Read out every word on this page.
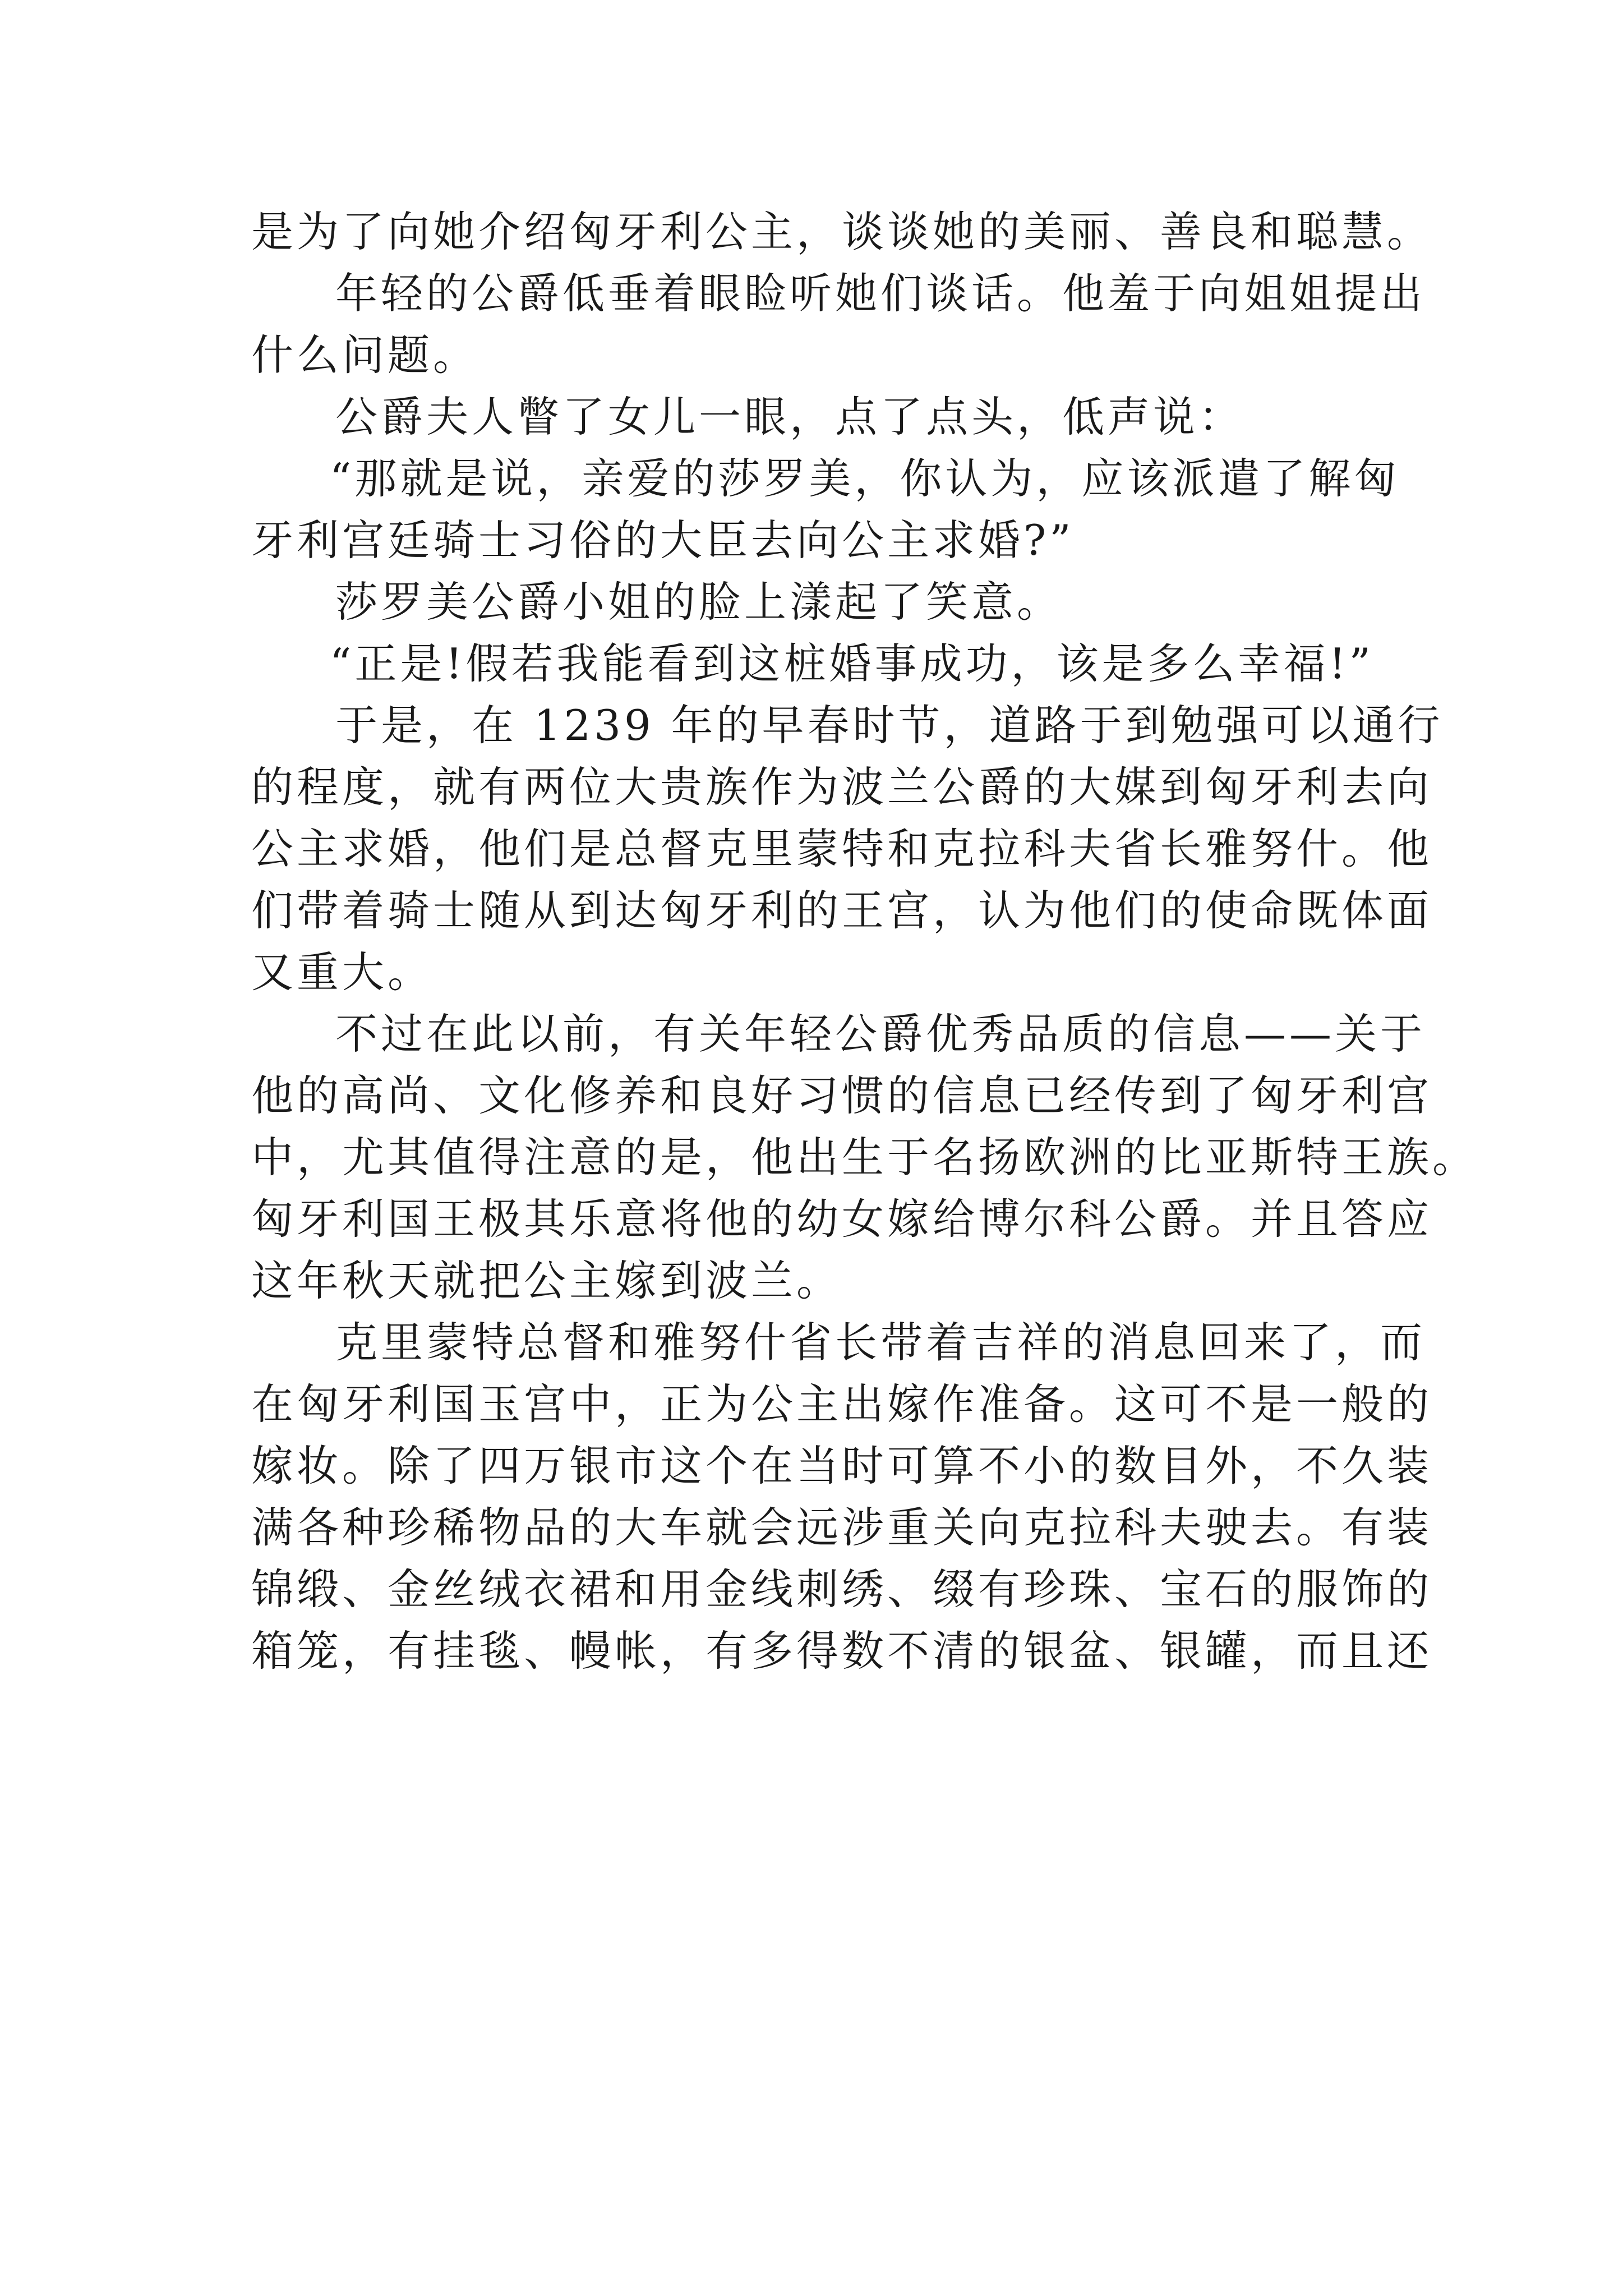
是为了向她介绍匈牙利公主，谈谈她的美丽、善良和聪慧。
年轻的公爵低垂着眼睑听她们谈话。他羞于向姐姐提出
什么问题。
公爵夫人瞥了女儿一眼，点了点头，低声说：
“那就是说，亲爱的莎罗美，你认为，应该派遣了解匈
牙利宫廷骑士习俗的大臣去向公主求婚?”
莎罗美公爵小姐的脸上漾起了笑意。
“正是!假若我能看到这桩婚事成功，该是多么幸福!”
于是，在 1239 年的早春时节，道路于到勉强可以通行
的程度，就有两位大贵族作为波兰公爵的大媒到匈牙利去向
公主求婚，他们是总督克里蒙特和克拉科夫省长雅努什。他
们带着骑士随从到达匈牙利的王宫，认为他们的使命既体面
又重大。
不过在此以前，有关年轻公爵优秀品质的信息——关于
他的高尚、文化修养和良好习惯的信息已经传到了匈牙利宫
中，尤其值得注意的是，他出生于名扬欧洲的比亚斯特王族。
匈牙利国王极其乐意将他的幼女嫁给博尔科公爵。并且答应
这年秋天就把公主嫁到波兰。
克里蒙特总督和雅努什省长带着吉祥的消息回来了，而
在匈牙利国玉宫中，正为公主出嫁作准备。这可不是一般的
嫁妆。除了四万银市这个在当时可算不小的数目外，不久装
满各种珍稀物品的大车就会远涉重关向克拉科夫驶去。有装
锦缎、金丝绒衣裙和用金线刺绣、缀有珍珠、宝石的服饰的
箱笼，有挂毯、幔帐，有多得数不清的银盆、银罐，而且还
